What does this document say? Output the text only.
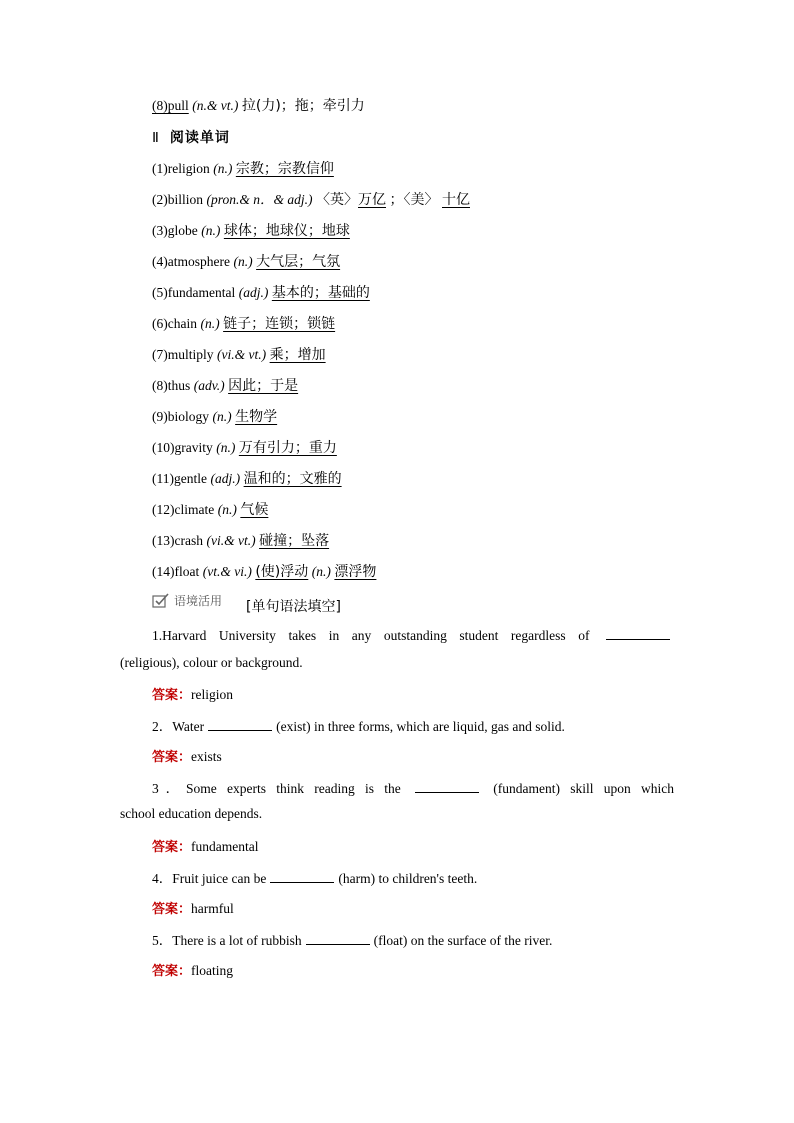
(8)pull (n.& vt.) 拉(力)；拖；牵引力
Ⅱ 阅读单词
(1)religion (n.) 宗教；宗教信仰
(2)billion (pron.& n．& adj.) 〈英〉万亿 ；〈美〉 十亿
(3)globe (n.) 球体；地球仪；地球
(4)atmosphere (n.) 大气层；气氛
(5)fundamental (adj.) 基本的；基础的
(6)chain (n.) 链子；连锁；锁链
(7)multiply (vi.& vt.) 乘；增加
(8)thus (adv.) 因此；于是
(9)biology (n.) 生物学
(10)gravity (n.) 万有引力；重力
(11)gentle (adj.) 温和的；文雅的
(12)climate (n.) 气候
(13)crash (vi.& vt.) 碰撞；坠落
(14)float (vt.& vi.) (使)浮动 (n.) 漂浮物
语境活用 [单句语法填空]
1.Harvard University takes in any outstanding student regardless of
(religious), colour or background.
答案：religion
2．Water	(exist) in three forms, which are liquid, gas and solid.
答案：exists
3．Some experts think reading is the	(fundament) skill upon which
school education depends.
答案：fundamental
4．Fruit juice can be	(harm) to children's teeth.
答案：harmful
5．There is a lot of rubbish	(float) on the surface of the river.
答案：floating
